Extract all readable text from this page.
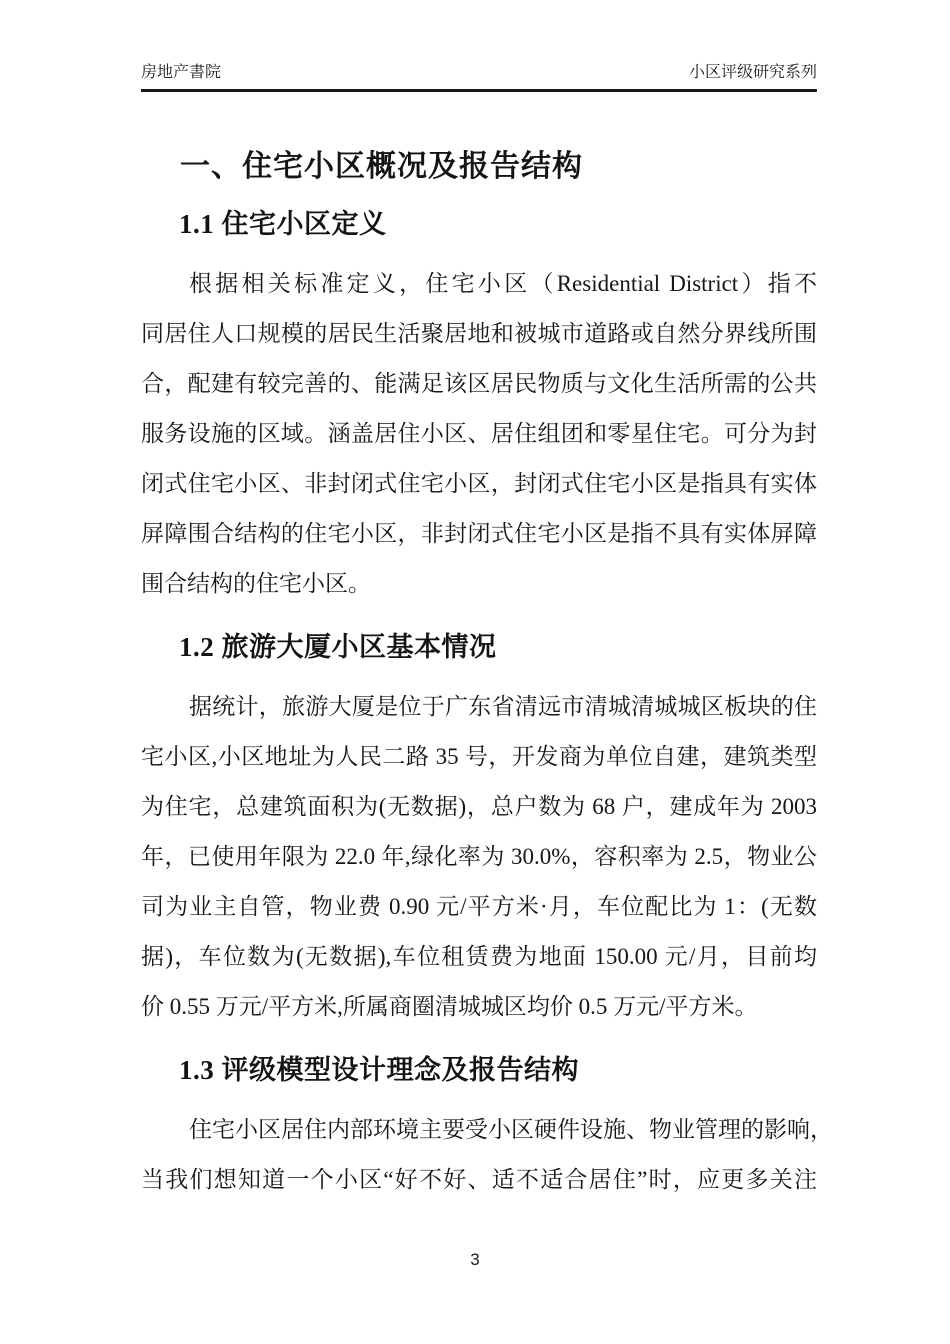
房地产書院	小区评级研究系列
一、住宅小区概况及报告结构
1.1 住宅小区定义
根据相关标准定义，住宅小区（Residential District）指不
同居住人口规模的居民生活聚居地和被城市道路或自然分界线所围
合，配建有较完善的、能满足该区居民物质与文化生活所需的公共
服务设施的区域。涵盖居住小区、居住组团和零星住宅。可分为封
闭式住宅小区、非封闭式住宅小区，封闭式住宅小区是指具有实体
屏障围合结构的住宅小区，非封闭式住宅小区是指不具有实体屏障
围合结构的住宅小区。
1.2 旅游大厦小区基本情况
据统计，旅游大厦是位于广东省清远市清城清城城区板块的住
宅小区,小区地址为人民二路 35 号，开发商为单位自建，建筑类型
为住宅，总建筑面积为(无数据)，总户数为 68 户，建成年为 2003
年，已使用年限为 22.0 年,绿化率为 30.0%，容积率为 2.5，物业公
司为业主自管，物业费 0.90 元/平方米·月，车位配比为 1：(无数
据)，车位数为(无数据),车位租赁费为地面 150.00 元/月，目前均
价 0.55 万元/平方米,所属商圈清城城区均价 0.5 万元/平方米。
1.3 评级模型设计理念及报告结构
住宅小区居住内部环境主要受小区硬件设施、物业管理的影响，
当我们想知道一个小区“好不好、适不适合居住”时，应更多关注
3
